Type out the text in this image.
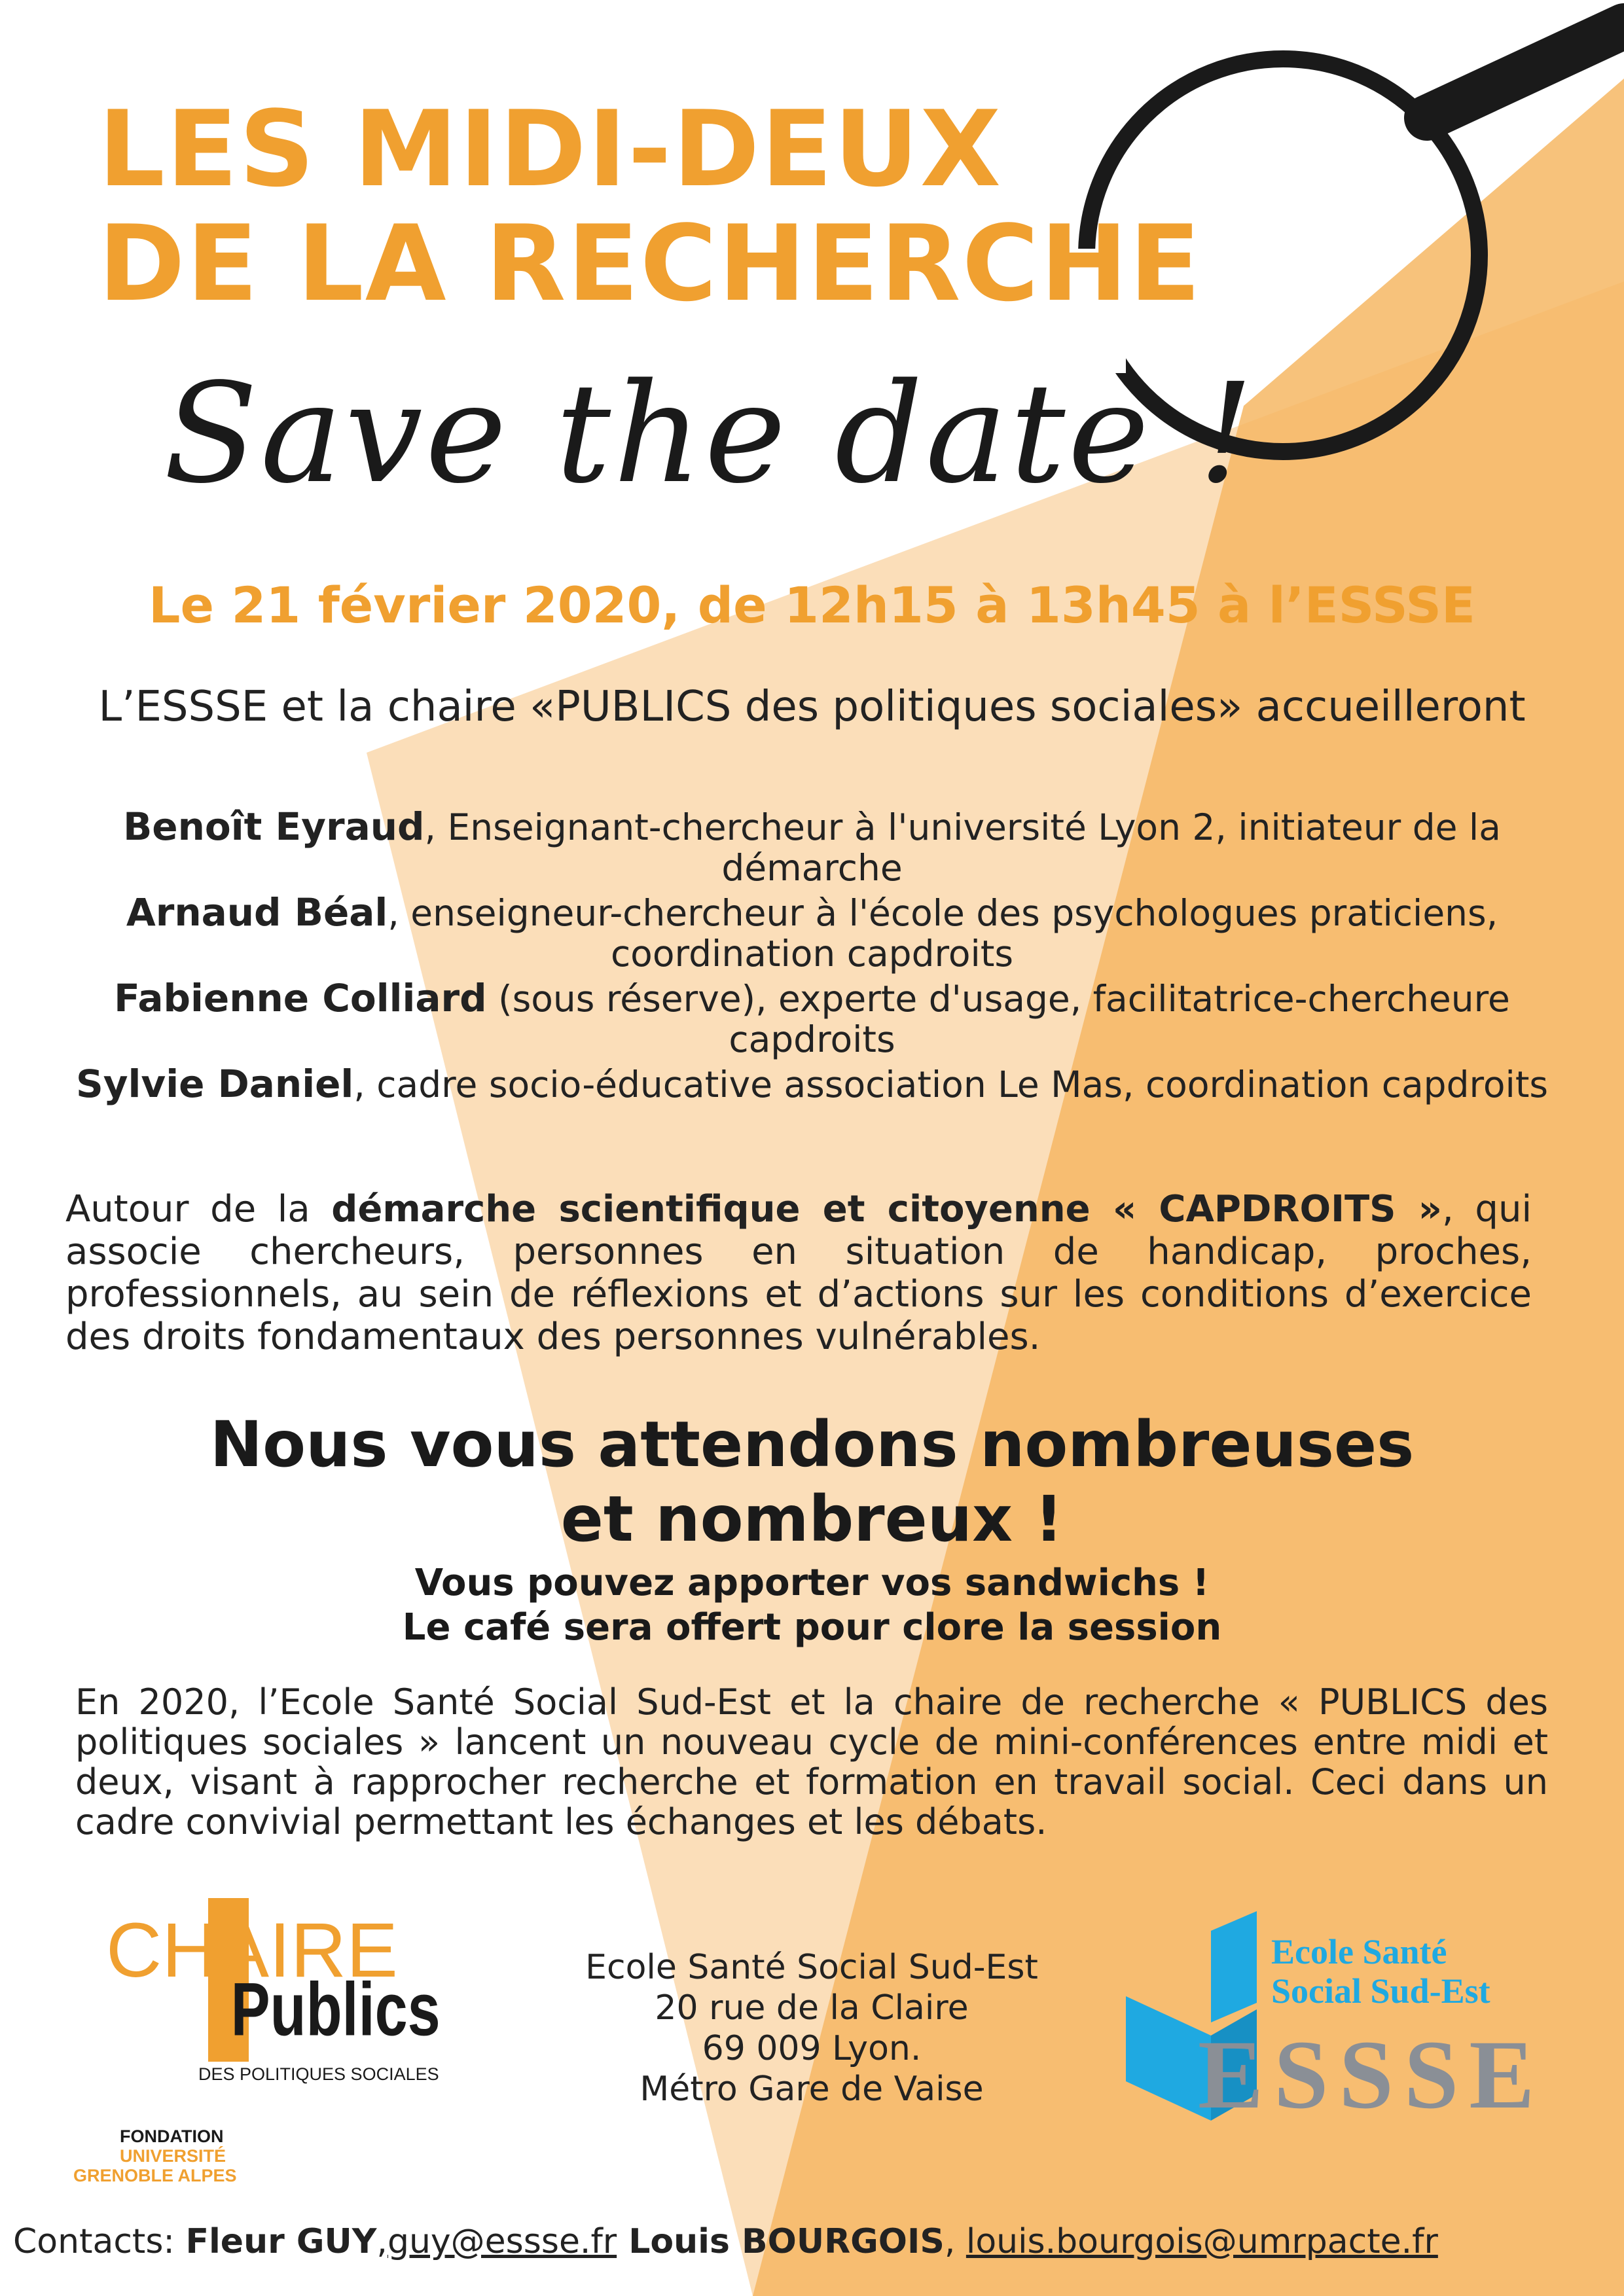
LES MIDI-DEUX
DE LA RECHERCHE
Save the date !
Le 21 février 2020, de 12h15 à 13h45 à l’ESSSE
L’ESSSE et la chaire «PUBLICS des politiques sociales» accueilleront
Benoît Eyraud, Enseignant-chercheur à l'université Lyon 2, initiateur de la démarche
Arnaud Béal, enseigneur-chercheur à l'école des psychologues praticiens, coordination capdroits
Fabienne Colliard (sous réserve), experte d'usage, facilitatrice-chercheure capdroits
Sylvie Daniel, cadre socio-éducative association Le Mas, coordination capdroits
Autour de la démarche scientifique et citoyenne « CAPDROITS », qui associe chercheurs, personnes en situation de handicap, proches, professionnels, au sein de réflexions et d’actions sur les conditions d’exercice des droits fondamentaux des personnes vulnérables.
Nous vous attendons nombreuses
et nombreux !
Vous pouvez apporter vos sandwichs !
Le café sera offert pour clore la session
En 2020, l’Ecole Santé Social Sud-Est et la chaire de recherche « PUBLICS des politiques sociales » lancent un nouveau cycle de mini-conférences entre midi et deux, visant à rapprocher recherche et formation en travail social. Ceci dans un cadre convivial permettant les échanges et les débats.
CHAIRE
Publics
DES POLITIQUES SOCIALES
FONDATION
UNIVERSITÉ
GRENOBLE ALPES
Ecole Santé Social Sud-Est
20 rue de la Claire
69 009 Lyon.
Métro Gare de Vaise
Ecole Santé
Social Sud-Est
ESSSE
Contacts: Fleur GUY,guy@essse.fr Louis BOURGOIS, louis.bourgois@umrpacte.fr
